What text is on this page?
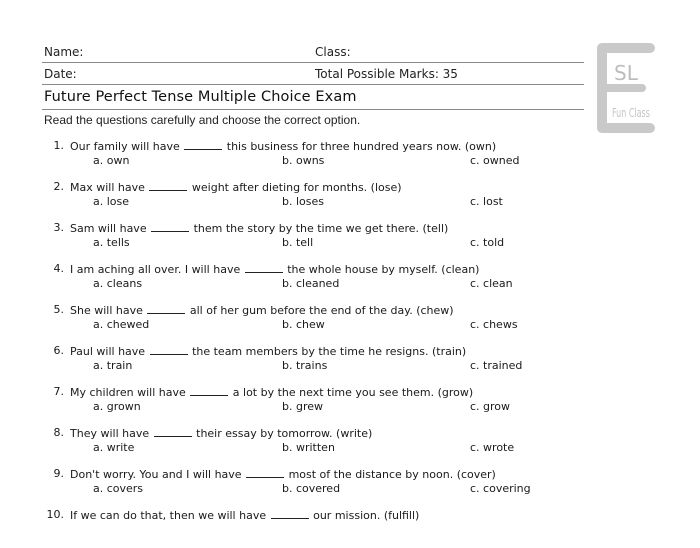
Name:	Class:
Date:	Total Possible Marks: 35
Future Perfect Tense Multiple Choice Exam
Read the questions carefully and choose the correct option.
SL
Fun Class
1. Our family will have	this business for three hundred years now. (own)
a. own	b. owns	c. owned
2. Max will have	weight after dieting for months. (lose)
a. lose	b. loses	c. lost
3. Sam will have	them the story by the time we get there. (tell)
a. tells	b. tell	c. told
4. I am aching all over. I will have	the whole house by myself. (clean)
a. cleans	b. cleaned	c. clean
5. She will have	all of her gum before the end of the day. (chew)
a. chewed	b. chew	c. chews
6. Paul will have	the team members by the time he resigns. (train)
a. train	b. trains	c. trained
7. My children will have	a lot by the next time you see them. (grow)
a. grown	b. grew	c. grow
8. They will have	their essay by tomorrow. (write)
a. write	b. written	c. wrote
9. Don't worry. You and I will have	most of the distance by noon. (cover)
a. covers	b. covered	c. covering
10. If we can do that, then we will have	our mission. (fulfill)
